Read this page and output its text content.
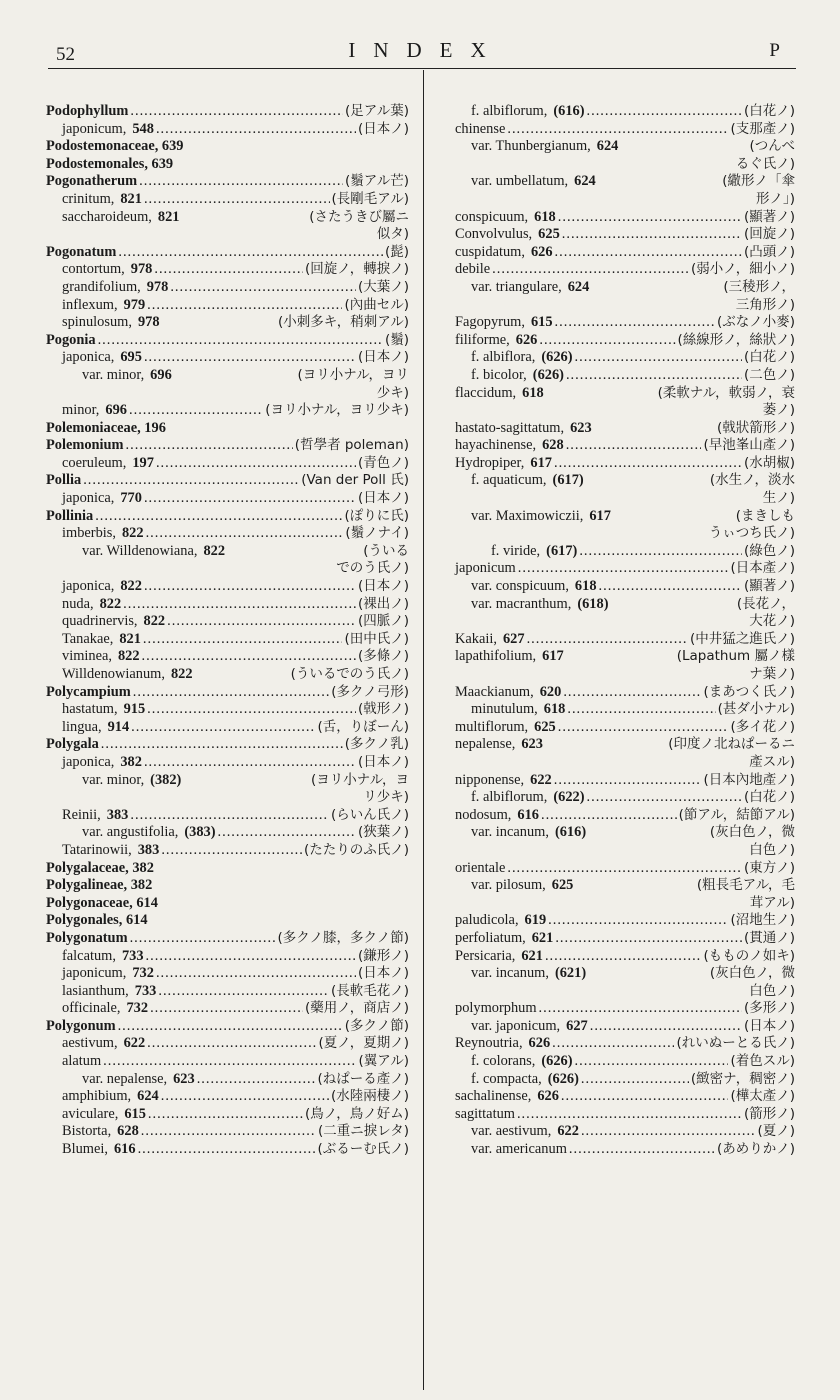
52	INDEX	P
Podophyllum .....	(足アル葉)
japonicum, 548 .....	(日本ノ)
Podostemonaceae, 639
Podostemonales, 639
Pogonatherum .....	(鬚アル芒)
crinitum, 821 .....	(長剛毛アル)
saccharoideum, 821	(さたうきび屬ニ
似タ)
Pogonatum .....	(髭)
contortum, 978 .....	(回旋ノ，轉捩ノ)
grandifolium, 978 .....	(大葉ノ)
inflexum, 979 .....	(內曲セル)
spinulosum, 978	(小刺多キ，稍刺アル)
Pogonia .....	(鬚)
japonica, 695 .....	(日本ノ)
var. minor, 696	(ヨリ小ナル，ヨリ
少キ)
minor, 696 .....	(ヨリ小ナル，ヨリ少キ)
Polemoniaceae, 196
Polemonium .....	(哲學者 poleman)
coeruleum, 197 .....	(青色ノ)
Pollia .....	(Van der Poll 氏)
japonica, 770 .....	(日本ノ)
Pollinia .....	(ぽりに氏)
imberbis, 822 .....	(鬚ノナイ)
var. Willdenowiana, 822	(ういる
でのう氏ノ)
japonica, 822 .....	(日本ノ)
nuda, 822 .....	(裸出ノ)
quadrinervis, 822 .....	(四脈ノ)
Tanakae, 821 .....	(田中氏ノ)
viminea, 822 .....	(多條ノ)
Willdenowianum, 822	(ういるでのう氏ノ)
Polycampium .....	(多クノ弓形)
hastatum, 915 .....	(戟形ノ)
lingua, 914 .....	(舌，りぼーん)
Polygala .....	(多クノ乳)
japonica, 382 .....	(日本ノ)
var. minor, (382)	(ヨリ小ナル，ヨ
リ少キ)
Reinii, 383 .....	(らいん氏ノ)
var. angustifolia, (383) .....	(狹葉ノ)
Tatarinowii, 383 .....	(たたりのふ氏ノ)
Polygalaceae, 382
Polygalineae, 382
Polygonaceae, 614
Polygonales, 614
Polygonatum .....	(多クノ膝，多クノ節)
falcatum, 733 .....	(鎌形ノ)
japonicum, 732 .....	(日本ノ)
lasianthum, 733 .....	(長軟毛花ノ)
officinale, 732 .....	(藥用ノ，商店ノ)
Polygonum .....	(多クノ節)
aestivum, 622 .....	(夏ノ，夏期ノ)
alatum .....	(翼アル)
var. nepalense, 623 .....	(ねぱーる產ノ)
amphibium, 624 .....	(水陸兩棲ノ)
aviculare, 615 .....	(鳥ノ，鳥ノ好ム)
Bistorta, 628 .....	(二重ニ捩レタ)
Blumei, 616 .....	(ぶるーむ氏ノ)
f. albiflorum, (616) .....	(白花ノ)
chinense .....	(支那產ノ)
var. Thunbergianum, 624	(つんべ
るぐ氏ノ)
var. umbellatum, 624	(繖形ノ「傘
形ノ」)
conspicuum, 618 .....	(顯著ノ)
Convolvulus, 625 .....	(回旋ノ)
cuspidatum, 626 .....	(凸頭ノ)
debile .....	(弱小ノ，細小ノ)
var. triangulare, 624	(三稜形ノ，
三角形ノ)
Fagopyrum, 615 .....	(ぶなノ小麥)
filiforme, 626 .....	(絲線形ノ，絲狀ノ)
f. albiflora, (626) .....	(白花ノ)
f. bicolor, (626) .....	(二色ノ)
flaccidum, 618	(柔軟ナル，軟弱ノ，衰
萎ノ)
hastato-sagittatum, 623	(戟狀箭形ノ)
hayachinense, 628 .....	(早池峯山產ノ)
Hydropiper, 617 .....	(水胡椒)
f. aquaticum, (617)	(水生ノ，淡水
生ノ)
var. Maximowiczii, 617	(まきしも
うぃつち氏ノ)
f. viride, (617) .....	(綠色ノ)
japonicum .....	(日本產ノ)
var. conspicuum, 618 .....	(顯著ノ)
var. macranthum, (618)	(長花ノ，
大花ノ)
Kakaii, 627 .....	(中井猛之進氏ノ)
lapathifolium, 617	(Lapathum 屬ノ樣
ナ葉ノ)
Maackianum, 620 .....	(まあつく氏ノ)
minutulum, 618 .....	(甚ダ小ナル)
multiflorum, 625 .....	(多イ花ノ)
nepalense, 623	(印度ノ北ねぱーるニ
產スル)
nipponense, 622 .....	(日本內地產ノ)
f. albiflorum, (622) .....	(白花ノ)
nodosum, 616 .....	(節アル，結節アル)
var. incanum, (616)	(灰白色ノ，微
白色ノ)
orientale .....	(東方ノ)
var. pilosum, 625	(粗長毛アル，毛
茸アル)
paludicola, 619 .....	(沼地生ノ)
perfoliatum, 621 .....	(貫通ノ)
Persicaria, 621 .....	(もものノ如キ)
var. incanum, (621)	(灰白色ノ，微
白色ノ)
polymorphum .....	(多形ノ)
var. japonicum, 627 .....	(日本ノ)
Reynoutria, 626 .....	(れいぬーとる氏ノ)
f. colorans, (626) .....	(着色スル)
f. compacta, (626) .....	(緻密ナ，稠密ノ)
sachalinense, 626 .....	(樺太產ノ)
sagittatum .....	(箭形ノ)
var. aestivum, 622 .....	(夏ノ)
var. americanum .....	(あめりかノ)
